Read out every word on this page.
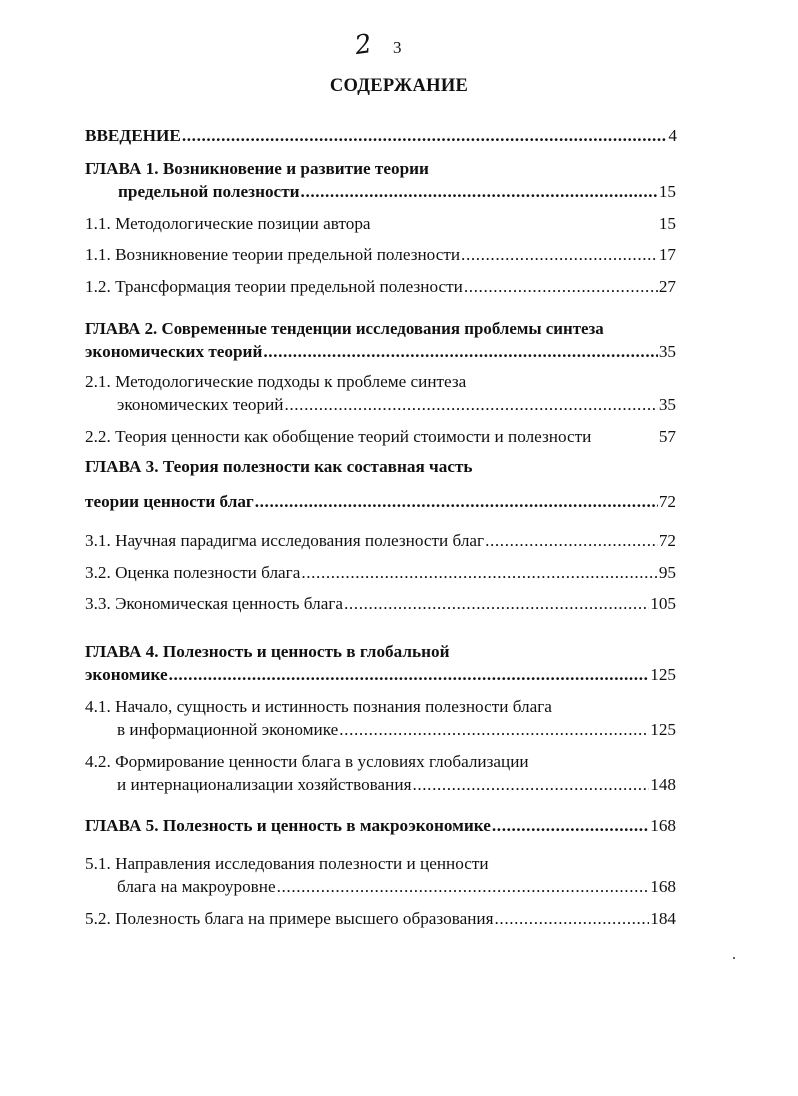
2 3
СОДЕРЖАНИЕ
ВВЕДЕНИЕ .....	4
ГЛАВА 1. Возникновение и развитие теории
предельной полезности .....	15
1.1. Методологические позиции автора	15
1.1. Возникновение теории предельной полезности .....	17
1.2. Трансформация теории предельной полезности .....	27
ГЛАВА 2. Современные тенденции исследования проблемы синтеза
экономических теорий .....	35
2.1. Методологические подходы к проблеме синтеза
экономических теорий .....	35
2.2. Теория ценности как обобщение теорий стоимости и полезности	57
ГЛАВА 3. Теория полезности как составная часть
теории ценности благ .....	72
3.1. Научная парадигма исследования полезности благ .....	72
3.2. Оценка полезности блага .....	95
3.3. Экономическая ценность блага .....	105
ГЛАВА 4. Полезность и ценность в глобальной
экономике .....	125
4.1. Начало, сущность и истинность познания полезности блага
в информационной экономике .....	125
4.2. Формирование ценности блага в условиях глобализации
и интернационализации хозяйствования .....	148
ГЛАВА 5. Полезность и ценность в макроэкономике .....	168
5.1. Направления исследования полезности и ценности
блага на макроуровне .....	168
5.2. Полезность блага на примере высшего образования .....	184
